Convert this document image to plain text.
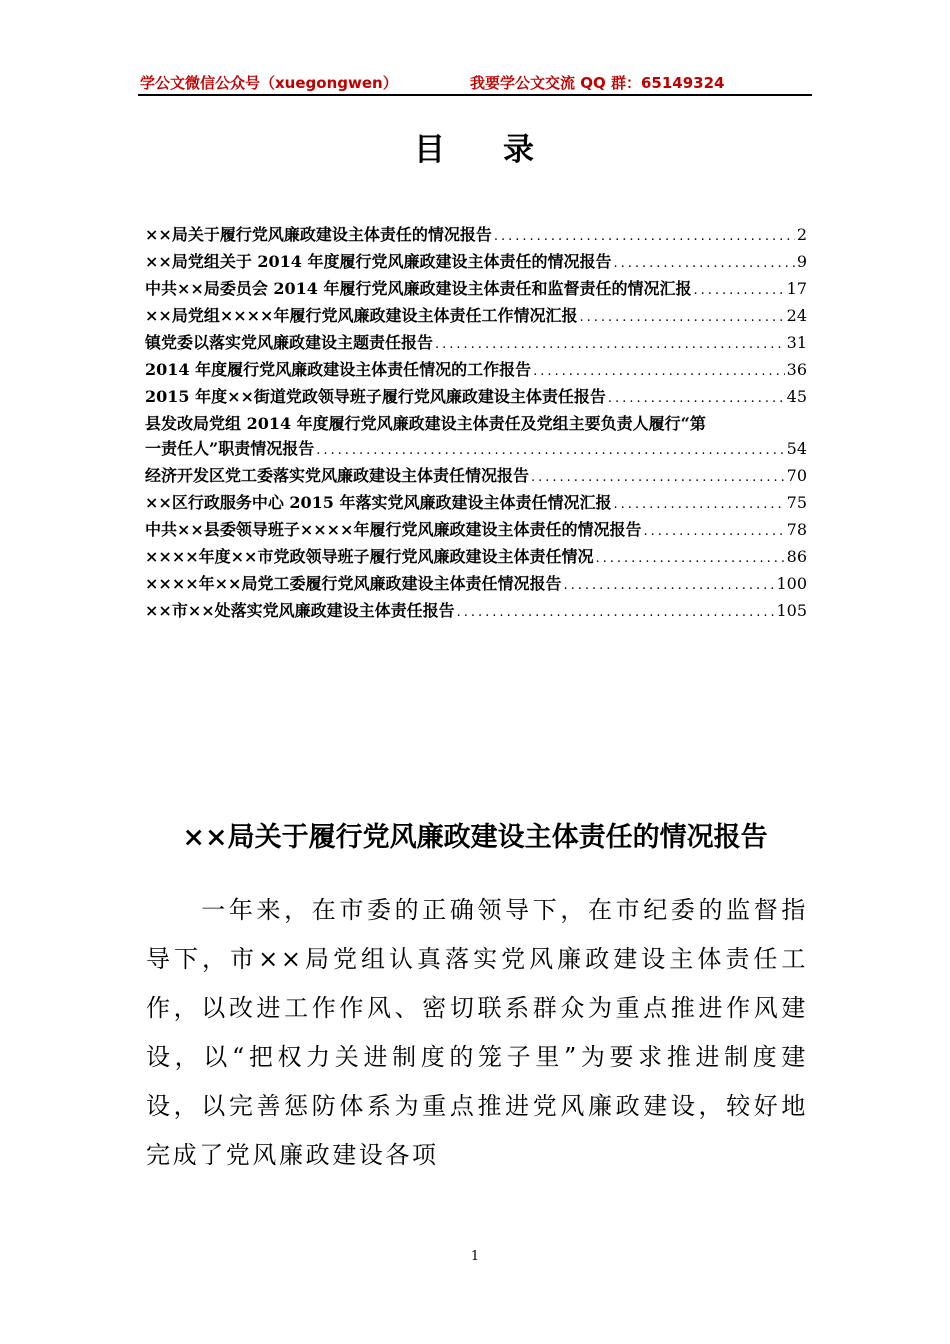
学公文微信公众号（xuegongwen）	我要学公文交流 QQ 群：65149324
目 录
××局关于履行党风廉政建设主体责任的情况报告 .....	2
××局党组关于 2014 年度履行党风廉政建设主体责任的情况报告 .....	9
中共××局委员会 2014 年履行党风廉政建设主体责任和监督责任的情况汇报 .....	17
××局党组××××年履行党风廉政建设主体责任工作情况汇报 .....	24
镇党委以落实党风廉政建设主题责任报告 .....	31
2014 年度履行党风廉政建设主体责任情况的工作报告 .....	36
2015 年度××街道党政领导班子履行党风廉政建设主体责任报告 .....	45
县发改局党组 2014 年度履行党风廉政建设主体责任及党组主要负责人履行“第
一责任人”职责情况报告 .....	54
经济开发区党工委落实党风廉政建设主体责任情况报告 .....	70
××区行政服务中心 2015 年落实党风廉政建设主体责任情况汇报 .....	75
中共××县委领导班子××××年履行党风廉政建设主体责任的情况报告 .....	78
××××年度××市党政领导班子履行党风廉政建设主体责任情况 .....	86
××××年××局党工委履行党风廉政建设主体责任情况报告 .....	100
××市××处落实党风廉政建设主体责任报告 .....	105
××局关于履行党风廉政建设主体责任的情况报告
　　一年来，在市委的正确领导下，在市纪委的监督指导下，市××局党组认真落实党风廉政建设主体责任工作，以改进工作作风、密切联系群众为重点推进作风建设，以“把权力关进制度的笼子里”为要求推进制度建设，以完善惩防体系为重点推进党风廉政建设，较好地完成了党风廉政建设各项
1
